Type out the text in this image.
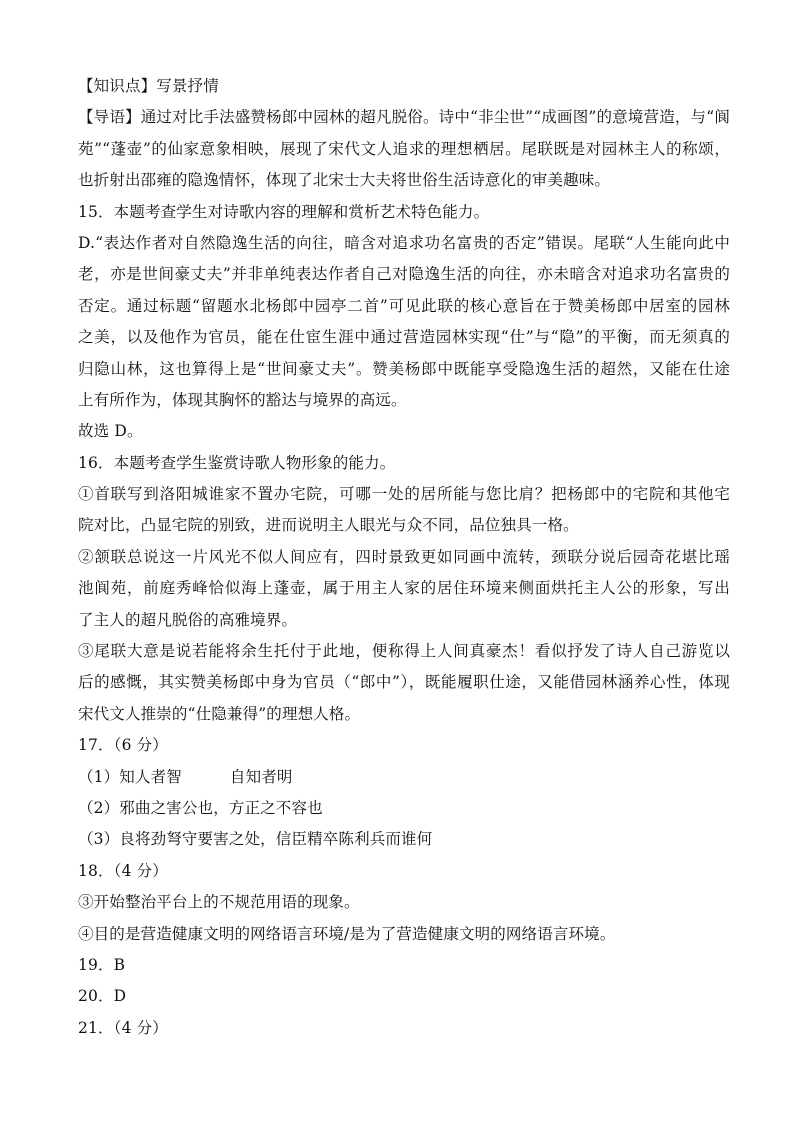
【知识点】写景抒情
【导语】通过对比手法盛赞杨郎中园林的超凡脱俗。诗中“非尘世”“成画图”的意境营造，与“阆
苑”“蓬壶”的仙家意象相映，展现了宋代文人追求的理想栖居。尾联既是对园林主人的称颂，
也折射出邵雍的隐逸情怀，体现了北宋士大夫将世俗生活诗意化的审美趣味。
15．本题考查学生对诗歌内容的理解和赏析艺术特色能力。
D.“表达作者对自然隐逸生活的向往，暗含对追求功名富贵的否定”错误。尾联“人生能向此中
老，亦是世间豪丈夫”并非单纯表达作者自己对隐逸生活的向往，亦未暗含对追求功名富贵的
否定。通过标题“留题水北杨郎中园亭二首”可见此联的核心意旨在于赞美杨郎中居室的园林
之美，以及他作为官员，能在仕宦生涯中通过营造园林实现“仕”与“隐”的平衡，而无须真的
归隐山林，这也算得上是“世间豪丈夫”。赞美杨郎中既能享受隐逸生活的超然，又能在仕途
上有所作为，体现其胸怀的豁达与境界的高远。
故选 D。
16．本题考查学生鉴赏诗歌人物形象的能力。
①首联写到洛阳城谁家不置办宅院，可哪一处的居所能与您比肩？把杨郎中的宅院和其他宅
院对比，凸显宅院的别致，进而说明主人眼光与众不同，品位独具一格。
②颔联总说这一片风光不似人间应有，四时景致更如同画中流转，颈联分说后园奇花堪比瑶
池阆苑，前庭秀峰恰似海上蓬壶，属于用主人家的居住环境来侧面烘托主人公的形象，写出
了主人的超凡脱俗的高雅境界。
③尾联大意是说若能将余生托付于此地，便称得上人间真豪杰！看似抒发了诗人自己游览以
后的感慨，其实赞美杨郎中身为官员（“郎中”），既能履职仕途，又能借园林涵养心性，体现
宋代文人推崇的“仕隐兼得”的理想人格。
17．（6 分）
（1）知人者智	自知者明
（2）邪曲之害公也，方正之不容也
（3）良将劲弩守要害之处，信臣精卒陈利兵而谁何
18．（4 分）
③开始整治平台上的不规范用语的现象。
④目的是营造健康文明的网络语言环境/是为了营造健康文明的网络语言环境。
19．B
20．D
21．（4 分）
